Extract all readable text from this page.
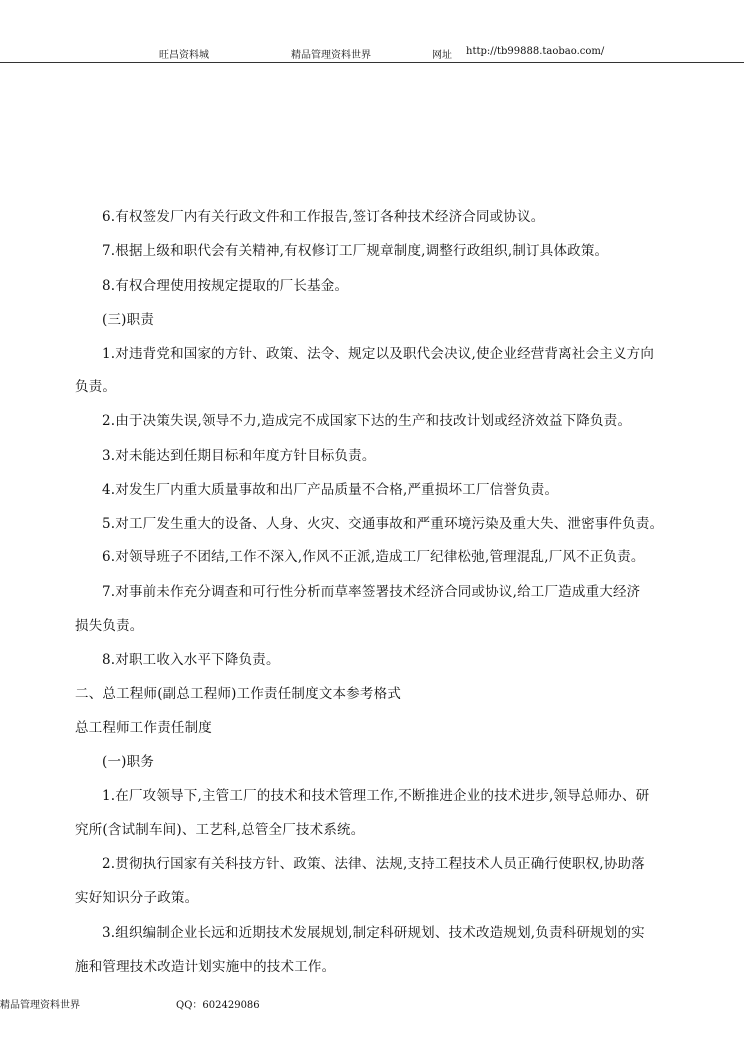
旺昌资料城	精品管理资料世界	网址 http://tb99888.taobao.com/
6.有权签发厂内有关行政文件和工作报告,签订各种技术经济合同或协议。
7.根据上级和职代会有关精神,有权修订工厂规章制度,调整行政组织,制订具体政策。
8.有权合理使用按规定提取的厂长基金。
(三)职责
1.对违背党和国家的方针、政策、法令、规定以及职代会决议,使企业经营背离社会主义方向
负责。
2.由于决策失误,领导不力,造成完不成国家下达的生产和技改计划或经济效益下降负责。
3.对未能达到任期目标和年度方针目标负责。
4.对发生厂内重大质量事故和出厂产品质量不合格,严重损坏工厂信誉负责。
5.对工厂发生重大的设备、人身、火灾、交通事故和严重环境污染及重大失、泄密事件负责。
6.对领导班子不团结,工作不深入,作风不正派,造成工厂纪律松弛,管理混乱,厂风不正负责。
7.对事前未作充分调查和可行性分析而草率签署技术经济合同或协议,给工厂造成重大经济
损失负责。
8.对职工收入水平下降负责。
二、总工程师(副总工程师)工作责任制度文本参考格式
总工程师工作责任制度
(一)职务
1.在厂攻领导下,主管工厂的技术和技术管理工作,不断推进企业的技术进步,领导总师办、研
究所(含试制车间)、工艺科,总管全厂技术系统。
2.贯彻执行国家有关科技方针、政策、法律、法规,支持工程技术人员正确行使职权,协助落
实好知识分子政策。
3.组织编制企业长远和近期技术发展规划,制定科研规划、技术改造规划,负责科研规划的实
施和管理技术改造计划实施中的技术工作。
精品管理资料世界	QQ：602429086
